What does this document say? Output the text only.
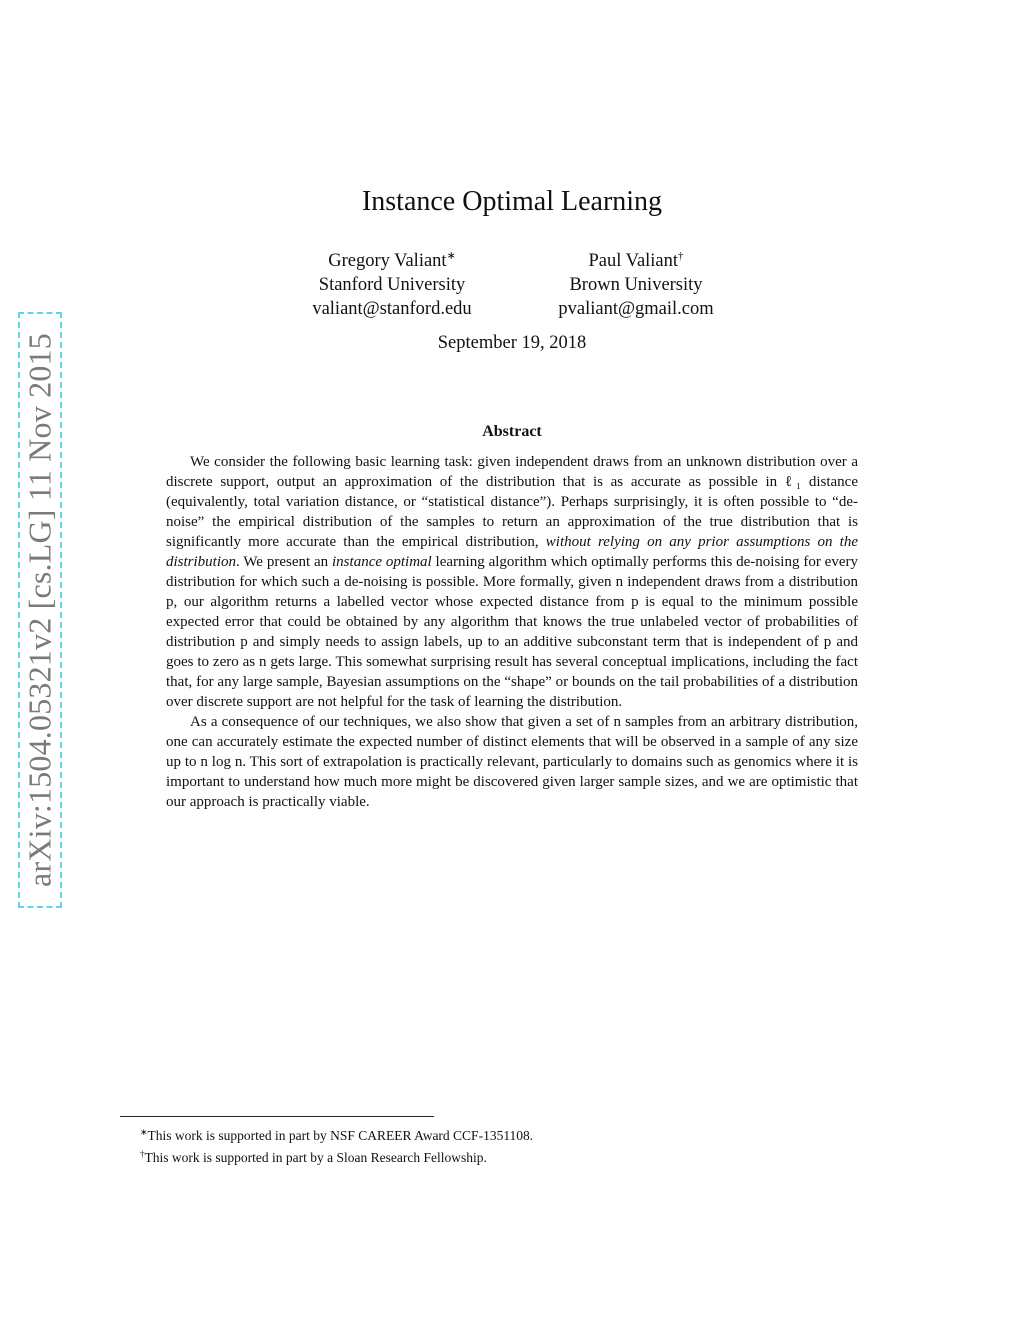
arXiv:1504.05321v2 [cs.LG] 11 Nov 2015
Instance Optimal Learning
Gregory Valiant∗
Stanford University
valiant@stanford.edu
Paul Valiant†
Brown University
pvaliant@gmail.com
September 19, 2018
Abstract

We consider the following basic learning task: given independent draws from an unknown distribution over a discrete support, output an approximation of the distribution that is as accurate as possible in ℓ₁ distance (equivalently, total variation distance, or “statistical distance”). Perhaps surprisingly, it is often possible to “de-noise” the empirical distribution of the samples to return an approximation of the true distribution that is significantly more accurate than the empirical distribution, without relying on any prior assumptions on the distribution. We present an instance optimal learning algorithm which optimally performs this de-noising for every distribution for which such a de-noising is possible. More formally, given n independent draws from a distribution p, our algorithm returns a labelled vector whose expected distance from p is equal to the minimum possible expected error that could be obtained by any algorithm that knows the true unlabeled vector of probabilities of distribution p and simply needs to assign labels, up to an additive subconstant term that is independent of p and goes to zero as n gets large. This somewhat surprising result has several conceptual implications, including the fact that, for any large sample, Bayesian assumptions on the “shape” or bounds on the tail probabilities of a distribution over discrete support are not helpful for the task of learning the distribution.

As a consequence of our techniques, we also show that given a set of n samples from an arbitrary distribution, one can accurately estimate the expected number of distinct elements that will be observed in a sample of any size up to n log n. This sort of extrapolation is practically relevant, particularly to domains such as genomics where it is important to understand how much more might be discovered given larger sample sizes, and we are optimistic that our approach is practically viable.

∗This work is supported in part by NSF CAREER Award CCF-1351108.
†This work is supported in part by a Sloan Research Fellowship.
